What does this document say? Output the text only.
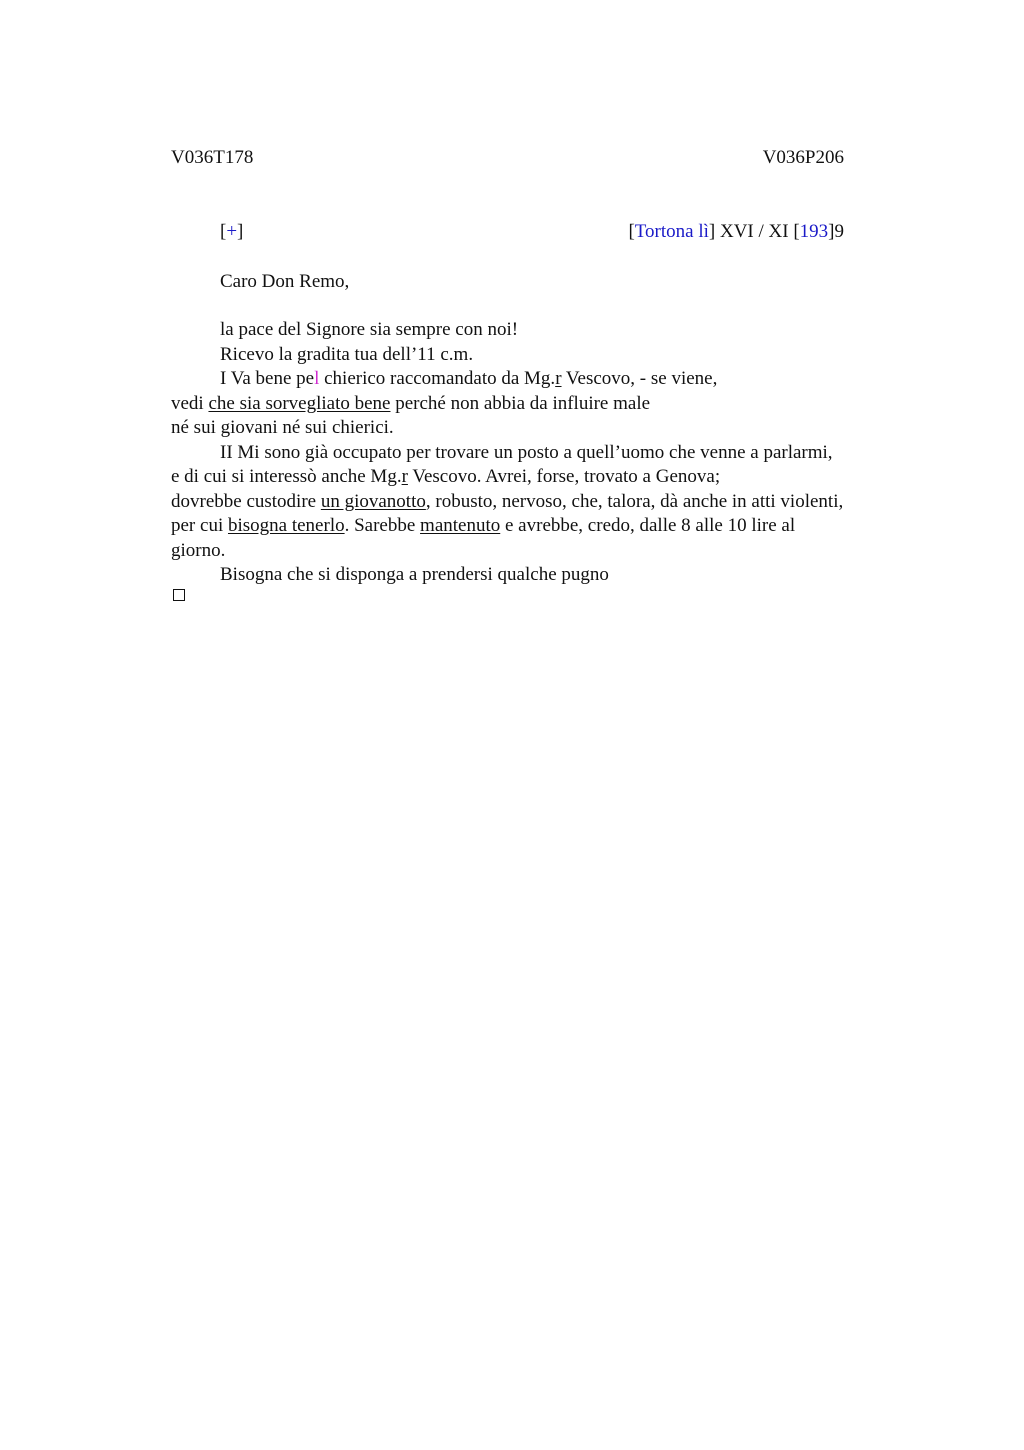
V036T178	V036P206
[+]	[Tortona lì] XVI / XI [193]9
Caro Don Remo,
la pace del Signore sia sempre con noi!
Ricevo la gradita tua dell’11 c.m.
I Va bene pel chierico raccomandato da Mg.r Vescovo, - se viene,
vedi che sia sorvegliato bene perché non abbia da influire male
né sui giovani né sui chierici.
II Mi sono già occupato per trovare un posto a quell’uomo che venne a parlarmi,
e di cui si interessò anche Mg.r Vescovo. Avrei, forse, trovato a Genova;
dovrebbe custodire un giovanotto, robusto, nervoso, che, talora, dà anche in atti violenti,
per cui bisogna tenerlo. Sarebbe mantenuto e avrebbe, credo, dalle 8 alle 10 lire al
giorno.
Bisogna che si disponga a prendersi qualche pugno
